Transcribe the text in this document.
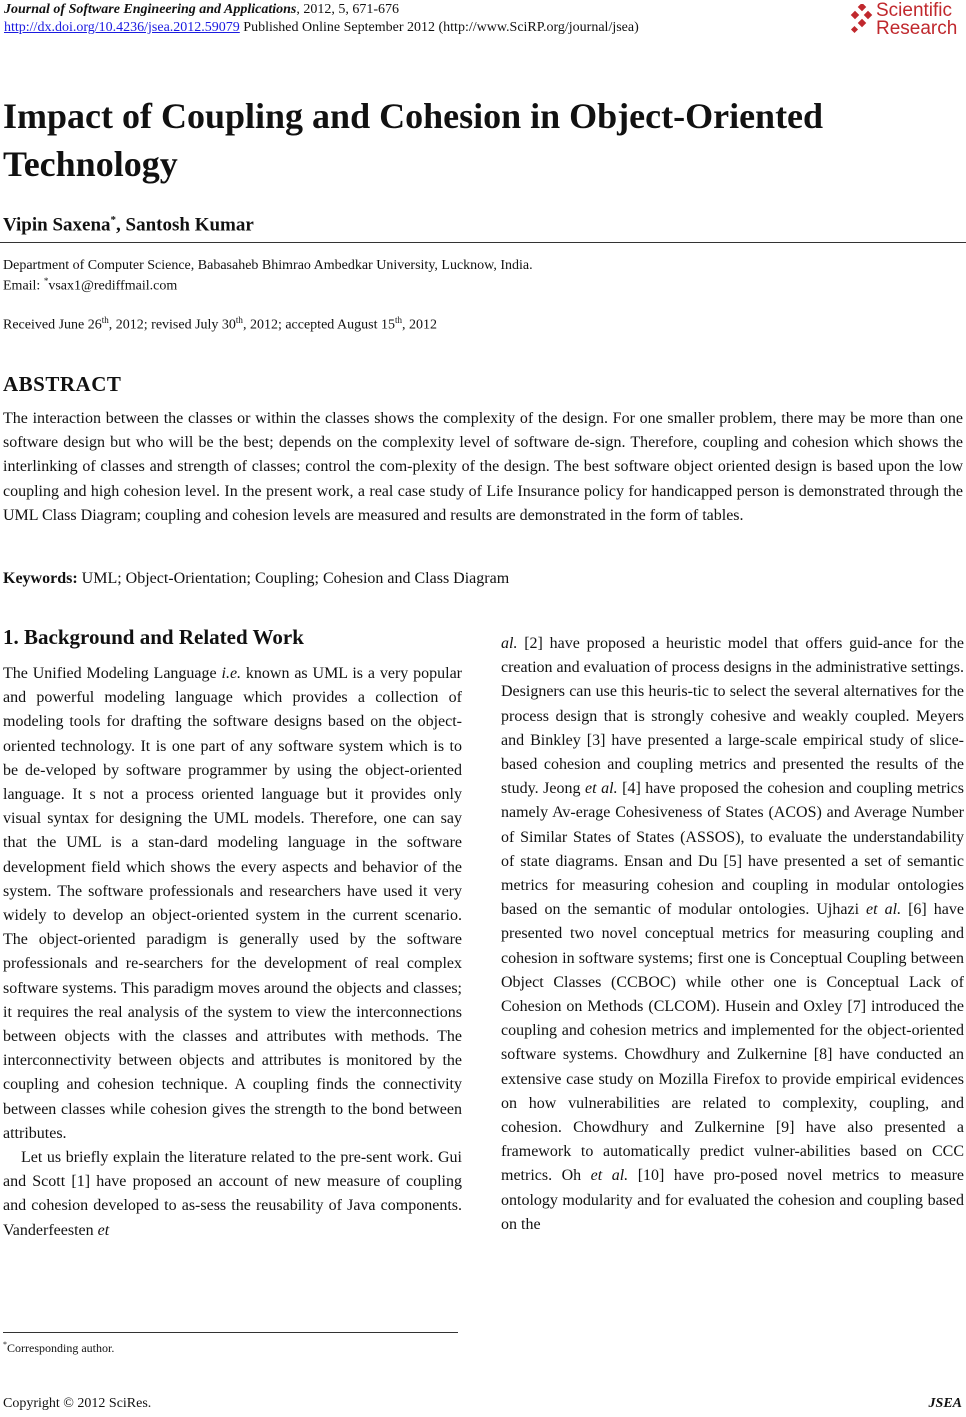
Journal of Software Engineering and Applications, 2012, 5, 671-676
http://dx.doi.org/10.4236/jsea.2012.59079 Published Online September 2012 (http://www.SciRP.org/journal/jsea)
Scientific
Research
Impact of Coupling and Cohesion in Object-Oriented Technology
Vipin Saxena*, Santosh Kumar
Department of Computer Science, Babasaheb Bhimrao Ambedkar University, Lucknow, India.
Email: *vsax1@rediffmail.com
Received June 26th, 2012; revised July 30th, 2012; accepted August 15th, 2012
ABSTRACT
The interaction between the classes or within the classes shows the complexity of the design. For one smaller problem, there may be more than one software design but who will be the best; depends on the complexity level of software de-sign. Therefore, coupling and cohesion which shows the interlinking of classes and strength of classes; control the com-plexity of the design. The best software object oriented design is based upon the low coupling and high cohesion level. In the present work, a real case study of Life Insurance policy for handicapped person is demonstrated through the UML Class Diagram; coupling and cohesion levels are measured and results are demonstrated in the form of tables.
Keywords: UML; Object-Orientation; Coupling; Cohesion and Class Diagram
1. Background and Related Work

The Unified Modeling Language i.e. known as UML is a very popular and powerful modeling language which provides a collection of modeling tools for drafting the software designs based on the object-oriented technology. It is one part of any software system which is to be de-veloped by software programmer by using the object-oriented language. It s not a process oriented language but it provides only visual syntax for designing the UML models. Therefore, one can say that the UML is a stan-dard modeling language in the software development field which shows the every aspects and behavior of the system. The software professionals and researchers have used it very widely to develop an object-oriented system in the current scenario. The object-oriented paradigm is generally used by the software professionals and re-searchers for the development of real complex software systems. This paradigm moves around the objects and classes; it requires the real analysis of the system to view the interconnections between objects with the classes and attributes with methods. The interconnectivity between objects and attributes is monitored by the coupling and cohesion technique. A coupling finds the connectivity between classes while cohesion gives the strength to the bond between attributes.

Let us briefly explain the literature related to the pre-sent work. Gui and Scott [1] have proposed an account of new measure of coupling and cohesion developed to as-sess the reusability of Java components. Vanderfeesten et

al. [2] have proposed a heuristic model that offers guid-ance for the creation and evaluation of process designs in the administrative settings. Designers can use this heuris-tic to select the several alternatives for the process design that is strongly cohesive and weakly coupled. Meyers and Binkley [3] have presented a large-scale empirical study of slice-based cohesion and coupling metrics and presented the results of the study. Jeong et al. [4] have proposed the cohesion and coupling metrics namely Av-erage Cohesiveness of States (ACOS) and Average Number of Similar States of States (ASSOS), to evaluate the understandability of state diagrams. Ensan and Du [5] have presented a set of semantic metrics for measuring cohesion and coupling in modular ontologies based on the semantic of modular ontologies. Ujhazi et al. [6] have presented two novel conceptual metrics for measuring coupling and cohesion in software systems; first one is Conceptual Coupling between Object Classes (CCBOC) while other one is Conceptual Lack of Cohesion on Methods (CLCOM). Husein and Oxley [7] introduced the coupling and cohesion metrics and implemented for the object-oriented software systems. Chowdhury and Zulkernine [8] have conducted an extensive case study on Mozilla Firefox to provide empirical evidences on how vulnerabilities are related to complexity, coupling, and cohesion. Chowdhury and Zulkernine [9] have also presented a framework to automatically predict vulner-abilities based on CCC metrics. Oh et al. [10] have pro-posed novel metrics to measure ontology modularity and for evaluated the cohesion and coupling based on the

*Corresponding author.
Copyright © 2012 SciRes.	JSEA
